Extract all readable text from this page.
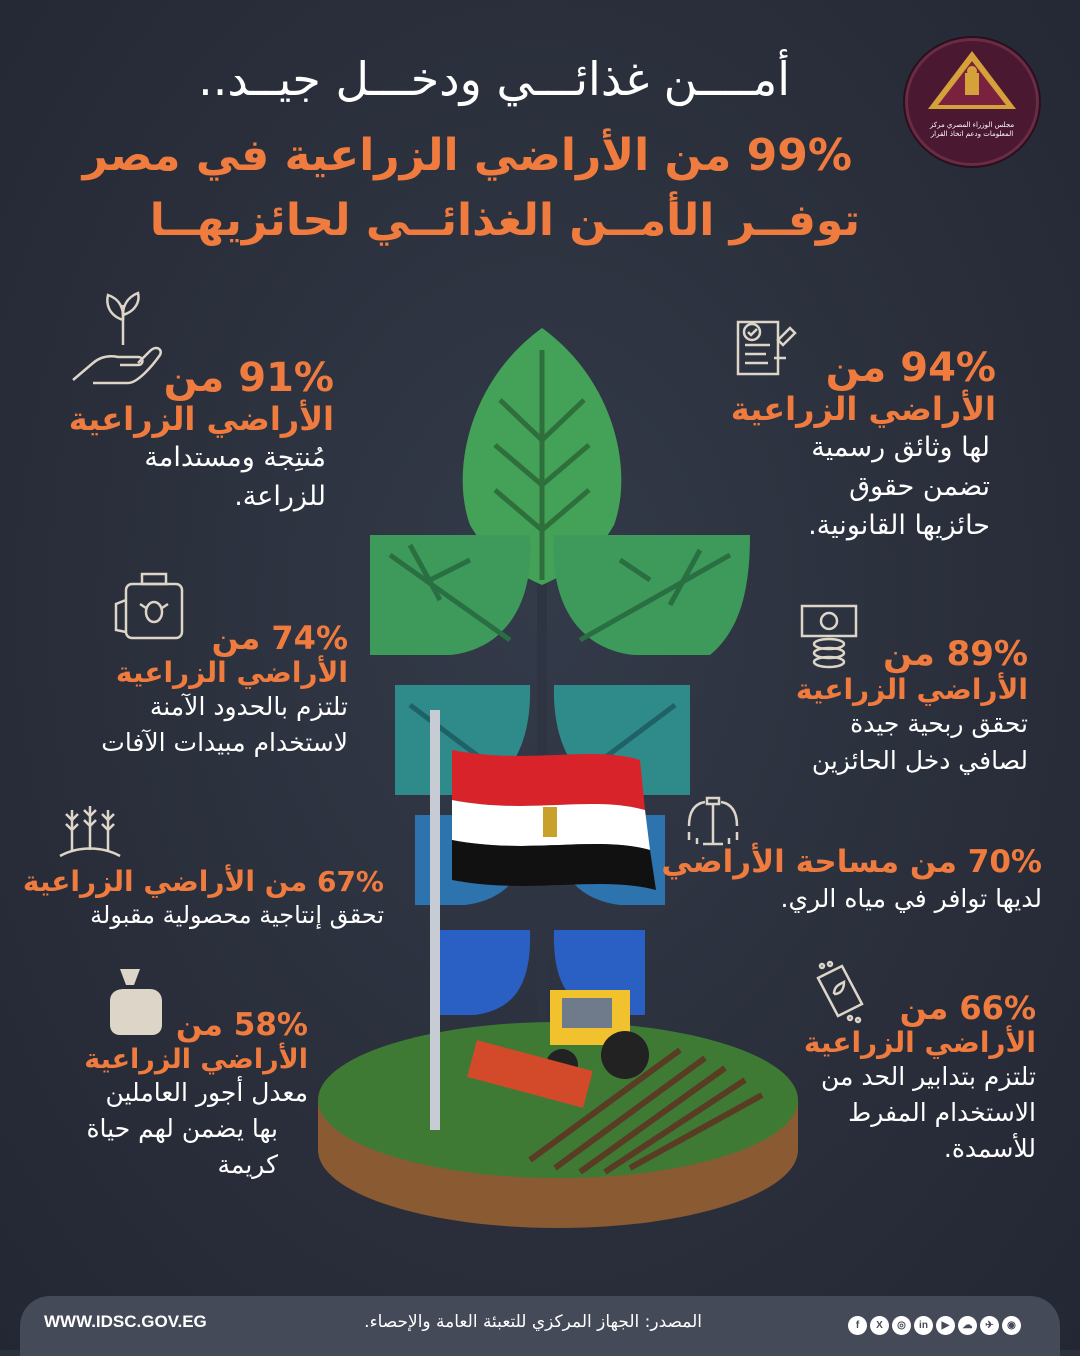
مجلس الوزراء المصري مركز المعلومات ودعم اتخاذ القرار
أمــــن غذائـــي ودخـــل جيــد..
99% من الأراضي الزراعية في مصر
توفــر الأمــن الغذائــي لحائزيهــا
94% من
الأراضي الزراعية
لها وثائق رسمية
تضمن حقوق
حائزيها القانونية.
91% من
الأراضي الزراعية
مُنتِجة ومستدامة
للزراعة.
89% من
الأراضي الزراعية
تحقق ربحية جيدة
لصافي دخل الحائزين
74% من
الأراضي الزراعية
تلتزم بالحدود الآمنة
لاستخدام مبيدات الآفات
70% من مساحة الأراضي
لديها توافر في مياه الري.
67% من الأراضي الزراعية
تحقق إنتاجية محصولية مقبولة
66% من
الأراضي الزراعية
تلتزم بتدابير الحد من
الاستخدام المفرط
للأسمدة.
58% من
الأراضي الزراعية
معدل أجور العاملين
بها يضمن لهم حياة
كريمة
WWW.IDSC.GOV.EG	المصدر: الجهاز المركزي للتعبئة العامة والإحصاء.	f	X	◎	in	▶	☁	✈	◉
